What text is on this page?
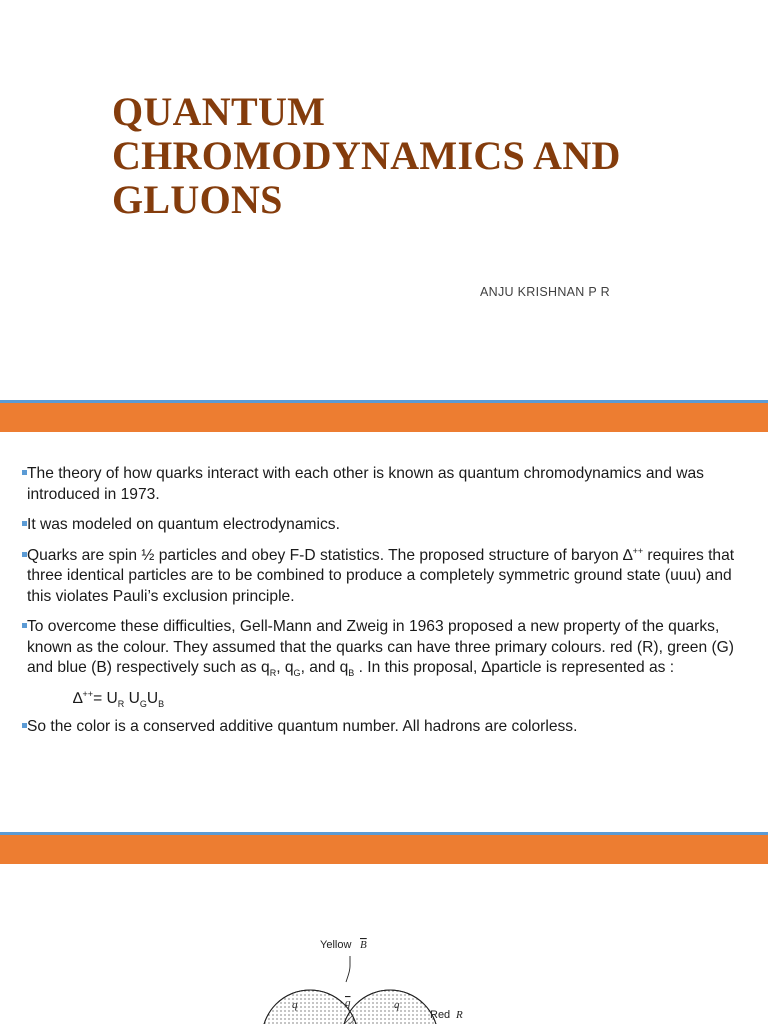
QUANTUM
CHROMODYNAMICS AND
GLUONS
ANJU KRISHNAN P R
The theory of how quarks interact with each other is known as quantum chromodynamics and was introduced in 1973.
It was modeled on quantum electrodynamics.
Quarks are spin ½ particles and obey F-D statistics. The proposed structure of baryon ∆++ requires that three identical particles are to be combined to produce a completely symmetric ground state (uuu) and this violates Pauli’s exclusion principle.
To overcome these difficulties, Gell-Mann and Zweig in 1963 proposed a new property of the quarks, known as the colour. They assumed that the quarks can have three primary colours. red (R), green (G) and blue (B) respectively such as $q_R$, $q_G$, and $q_B$ . In this proposal, ∆particle is represented as :
$\Delta^{++}= U_R$ $U_GU_B$
So the color is a conserved additive quantum number. All hadrons are colorless.
Yellow B
Red R
q	q	q
